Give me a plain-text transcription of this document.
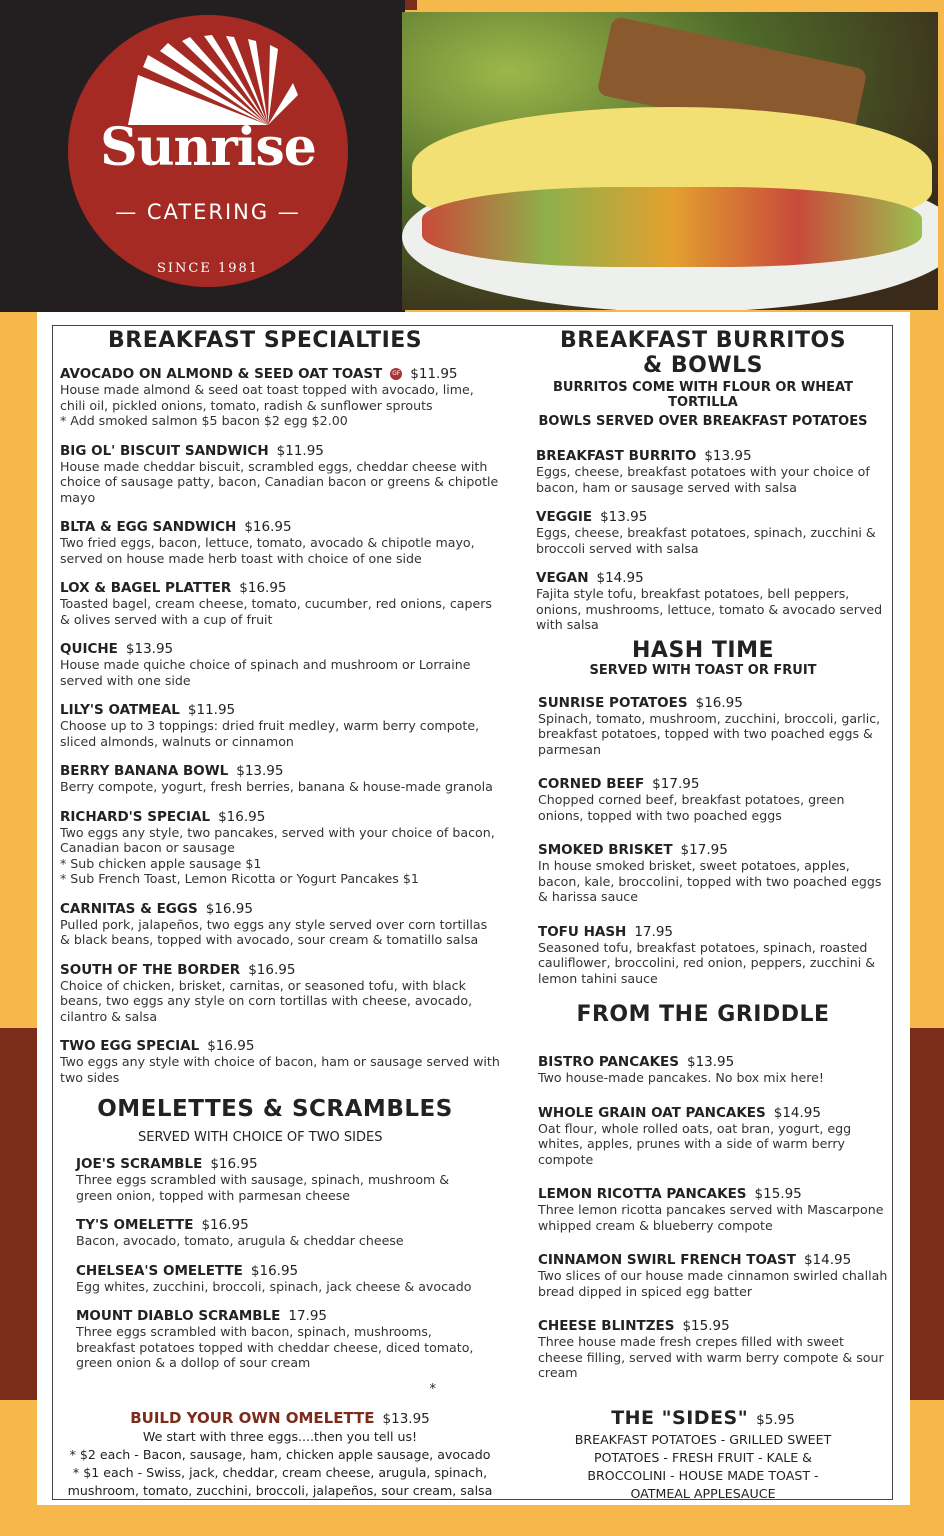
Sunrise
— CATERING —
SINCE 1981
BREAKFAST SPECIALTIES
AVOCADO ON ALMOND & SEED OAT TOAST GF $11.95
House made almond & seed oat toast topped with avocado, lime, chili oil, pickled onions, tomato, radish & sunflower sprouts
* Add smoked salmon $5 bacon $2 egg $2.00
BIG OL' BISCUIT SANDWICH $11.95
House made cheddar biscuit, scrambled eggs, cheddar cheese with choice of sausage patty, bacon, Canadian bacon or greens & chipotle mayo
BLTA & EGG SANDWICH $16.95
Two fried eggs, bacon, lettuce, tomato, avocado & chipotle mayo, served on house made herb toast with choice of one side
LOX & BAGEL PLATTER $16.95
Toasted bagel, cream cheese, tomato, cucumber, red onions, capers & olives served with a cup of fruit
QUICHE $13.95
House made quiche choice of spinach and mushroom or Lorraine served with one side
LILY'S OATMEAL $11.95
Choose up to 3 toppings: dried fruit medley, warm berry compote, sliced almonds, walnuts or cinnamon
BERRY BANANA BOWL $13.95
Berry compote, yogurt, fresh berries, banana & house-made granola
RICHARD'S SPECIAL $16.95
Two eggs any style, two pancakes, served with your choice of bacon, Canadian bacon or sausage
* Sub chicken apple sausage $1
* Sub French Toast, Lemon Ricotta or Yogurt Pancakes $1
CARNITAS & EGGS $16.95
Pulled pork, jalapeños, two eggs any style served over corn tortillas & black beans, topped with avocado, sour cream & tomatillo salsa
SOUTH OF THE BORDER $16.95
Choice of chicken, brisket, carnitas, or seasoned tofu, with black beans, two eggs any style on corn tortillas with cheese, avocado, cilantro & salsa
TWO EGG SPECIAL $16.95
Two eggs any style with choice of bacon, ham or sausage served with two sides
OMELETTES & SCRAMBLES
SERVED WITH CHOICE OF TWO SIDES
JOE'S SCRAMBLE $16.95
Three eggs scrambled with sausage, spinach, mushroom & green onion, topped with parmesan cheese
TY'S OMELETTE $16.95
Bacon, avocado, tomato, arugula & cheddar cheese
CHELSEA'S OMELETTE $16.95
Egg whites, zucchini, broccoli, spinach, jack cheese & avocado
MOUNT DIABLO SCRAMBLE 17.95
Three eggs scrambled with bacon, spinach, mushrooms, breakfast potatoes topped with cheddar cheese, diced tomato, green onion & a dollop of sour cream
*
BUILD YOUR OWN OMELETTE $13.95
We start with three eggs....then you tell us!
* $2 each - Bacon, sausage, ham, chicken apple sausage, avocado
* $1 each - Swiss, jack, cheddar, cream cheese, arugula, spinach, mushroom, tomato, zucchini, broccoli, jalapeños, sour cream, salsa
BREAKFAST BURRITOS
& BOWLS
BURRITOS COME WITH FLOUR OR WHEAT TORTILLA
BOWLS SERVED OVER BREAKFAST POTATOES
BREAKFAST BURRITO $13.95
Eggs, cheese, breakfast potatoes with your choice of bacon, ham or sausage served with salsa
VEGGIE $13.95
Eggs, cheese, breakfast potatoes, spinach, zucchini & broccoli served with salsa
VEGAN $14.95
Fajita style tofu, breakfast potatoes, bell peppers, onions, mushrooms, lettuce, tomato & avocado served with salsa
HASH TIME
SERVED WITH TOAST OR FRUIT
SUNRISE POTATOES $16.95
Spinach, tomato, mushroom, zucchini, broccoli, garlic, breakfast potatoes, topped with two poached eggs & parmesan
CORNED BEEF $17.95
Chopped corned beef, breakfast potatoes, green onions, topped with two poached eggs
SMOKED BRISKET $17.95
In house smoked brisket, sweet potatoes, apples, bacon, kale, broccolini, topped with two poached eggs & harissa sauce
TOFU HASH 17.95
Seasoned tofu, breakfast potatoes, spinach, roasted cauliflower, broccolini, red onion, peppers, zucchini & lemon tahini sauce
FROM THE GRIDDLE
BISTRO PANCAKES $13.95
Two house-made pancakes. No box mix here!
WHOLE GRAIN OAT PANCAKES $14.95
Oat flour, whole rolled oats, oat bran, yogurt, egg whites, apples, prunes with a side of warm berry compote
LEMON RICOTTA PANCAKES $15.95
Three lemon ricotta pancakes served with Mascarpone whipped cream & blueberry compote
CINNAMON SWIRL FRENCH TOAST $14.95
Two slices of our house made cinnamon swirled challah bread dipped in spiced egg batter
CHEESE BLINTZES $15.95
Three house made fresh crepes filled with sweet cheese filling, served with warm berry compote & sour cream
THE "SIDES" $5.95
BREAKFAST POTATOES - GRILLED SWEET POTATOES - FRESH FRUIT - KALE & BROCCOLINI - HOUSE MADE TOAST - OATMEAL APPLESAUCE
